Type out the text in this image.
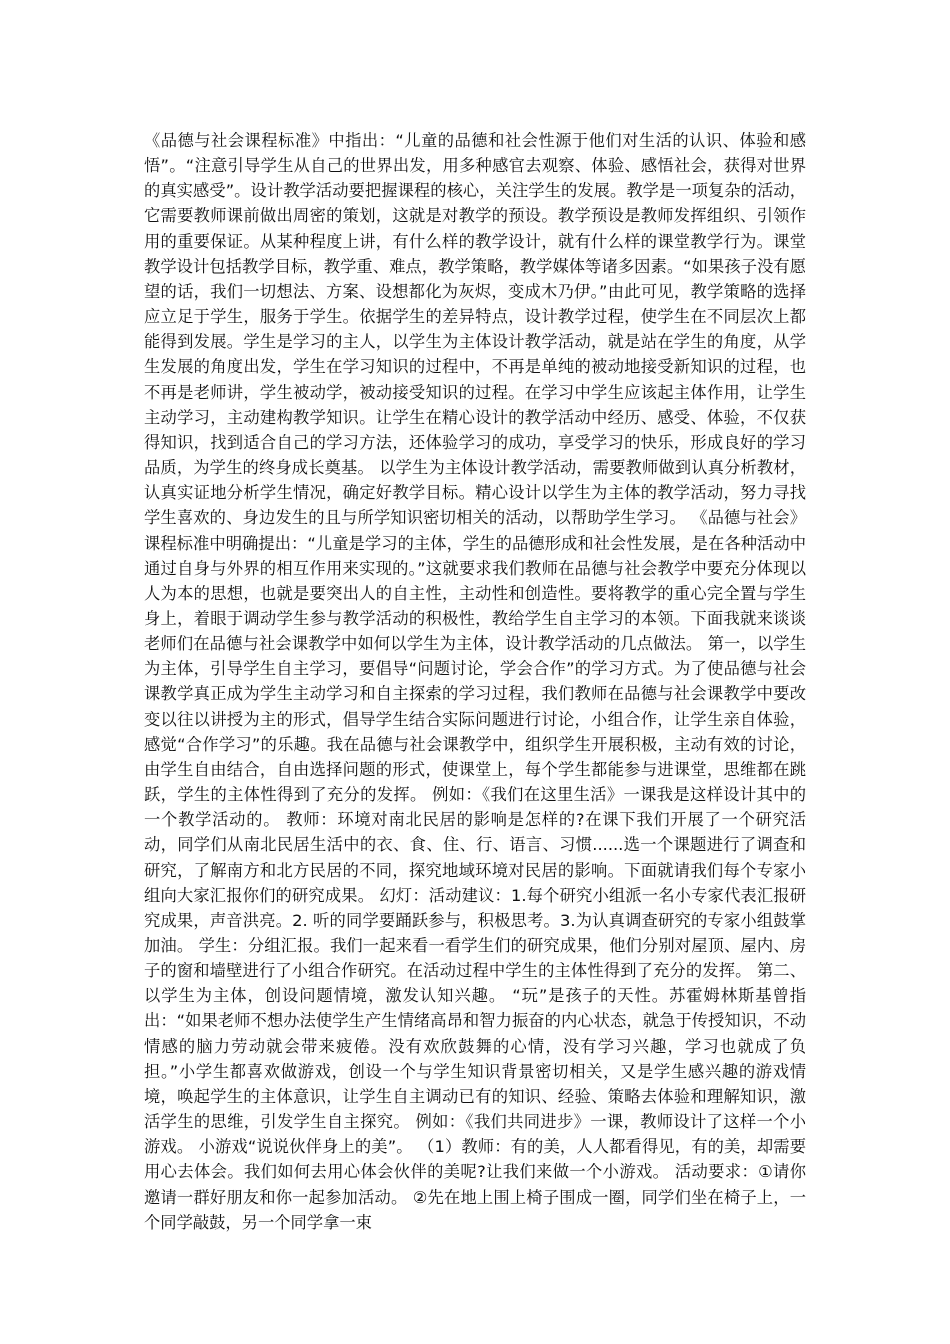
《品德与社会课程标准》中指出：“儿童的品德和社会性源于他们对生活的认识、体验和感悟”。“注意引导学生从自己的世界出发，用多种感官去观察、体验、感悟社会，获得对世界的真实感受”。设计教学活动要把握课程的核心，关注学生的发展。教学是一项复杂的活动，它需要教师课前做出周密的策划，这就是对教学的预设。教学预设是教师发挥组织、引领作用的重要保证。从某种程度上讲，有什么样的教学设计，就有什么样的课堂教学行为。课堂教学设计包括教学目标，教学重、难点，教学策略，教学媒体等诸多因素。“如果孩子没有愿望的话，我们一切想法、方案、设想都化为灰烬，变成木乃伊。”由此可见，教学策略的选择应立足于学生，服务于学生。依据学生的差异特点，设计教学过程，使学生在不同层次上都能得到发展。学生是学习的主人，以学生为主体设计教学活动，就是站在学生的角度，从学生发展的角度出发，学生在学习知识的过程中，不再是单纯的被动地接受新知识的过程，也不再是老师讲，学生被动学，被动接受知识的过程。在学习中学生应该起主体作用，让学生主动学习，主动建构教学知识。让学生在精心设计的教学活动中经历、感受、体验，不仅获得知识，找到适合自己的学习方法，还体验学习的成功，享受学习的快乐，形成良好的学习品质，为学生的终身成长奠基。 以学生为主体设计教学活动，需要教师做到认真分析教材，认真实证地分析学生情况，确定好教学目标。精心设计以学生为主体的教学活动，努力寻找学生喜欢的、身边发生的且与所学知识密切相关的活动，以帮助学生学习。 《品德与社会》课程标准中明确提出：“儿童是学习的主体，学生的品德形成和社会性发展，是在各种活动中通过自身与外界的相互作用来实现的。”这就要求我们教师在品德与社会教学中要充分体现以人为本的思想，也就是要突出人的自主性，主动性和创造性。要将教学的重心完全置与学生身上，着眼于调动学生参与教学活动的积极性，教给学生自主学习的本领。下面我就来谈谈老师们在品德与社会课教学中如何以学生为主体，设计教学活动的几点做法。 第一，以学生为主体，引导学生自主学习，要倡导“问题讨论，学会合作”的学习方式。为了使品德与社会课教学真正成为学生主动学习和自主探索的学习过程，我们教师在品德与社会课教学中要改变以往以讲授为主的形式，倡导学生结合实际问题进行讨论，小组合作，让学生亲自体验，感觉“合作学习”的乐趣。我在品德与社会课教学中，组织学生开展积极，主动有效的讨论，由学生自由结合，自由选择问题的形式，使课堂上，每个学生都能参与进课堂，思维都在跳跃，学生的主体性得到了充分的发挥。 例如：《我们在这里生活》一课我是这样设计其中的一个教学活动的。 教师：环境对南北民居的影响是怎样的?在课下我们开展了一个研究活动，同学们从南北民居生活中的衣、食、住、行、语言、习惯......选一个课题进行了调查和研究，了解南方和北方民居的不同，探究地域环境对民居的影响。下面就请我们每个专家小组向大家汇报你们的研究成果。 幻灯：活动建议：1.每个研究小组派一名小专家代表汇报研究成果，声音洪亮。2. 听的同学要踊跃参与，积极思考。3.为认真调查研究的专家小组鼓掌加油。 学生：分组汇报。我们一起来看一看学生们的研究成果，他们分别对屋顶、屋内、房子的窗和墙壁进行了小组合作研究。在活动过程中学生的主体性得到了充分的发挥。 第二、以学生为主体，创设问题情境，激发认知兴趣。 “玩”是孩子的天性。苏霍姆林斯基曾指出：“如果老师不想办法使学生产生情绪高昂和智力振奋的内心状态，就急于传授知识，不动情感的脑力劳动就会带来疲倦。没有欢欣鼓舞的心情，没有学习兴趣，学习也就成了负担。”小学生都喜欢做游戏，创设一个与学生知识背景密切相关，又是学生感兴趣的游戏情境，唤起学生的主体意识，让学生自主调动已有的知识、经验、策略去体验和理解知识，激活学生的思维，引发学生自主探究。 例如：《我们共同进步》一课，教师设计了这样一个小游戏。 小游戏“说说伙伴身上的美”。 （1）教师：有的美，人人都看得见，有的美，却需要用心去体会。我们如何去用心体会伙伴的美呢?让我们来做一个小游戏。 活动要求：①请你邀请一群好朋友和你一起参加活动。 ②先在地上围上椅子围成一圈，同学们坐在椅子上，一个同学敲鼓，另一个同学拿一束
